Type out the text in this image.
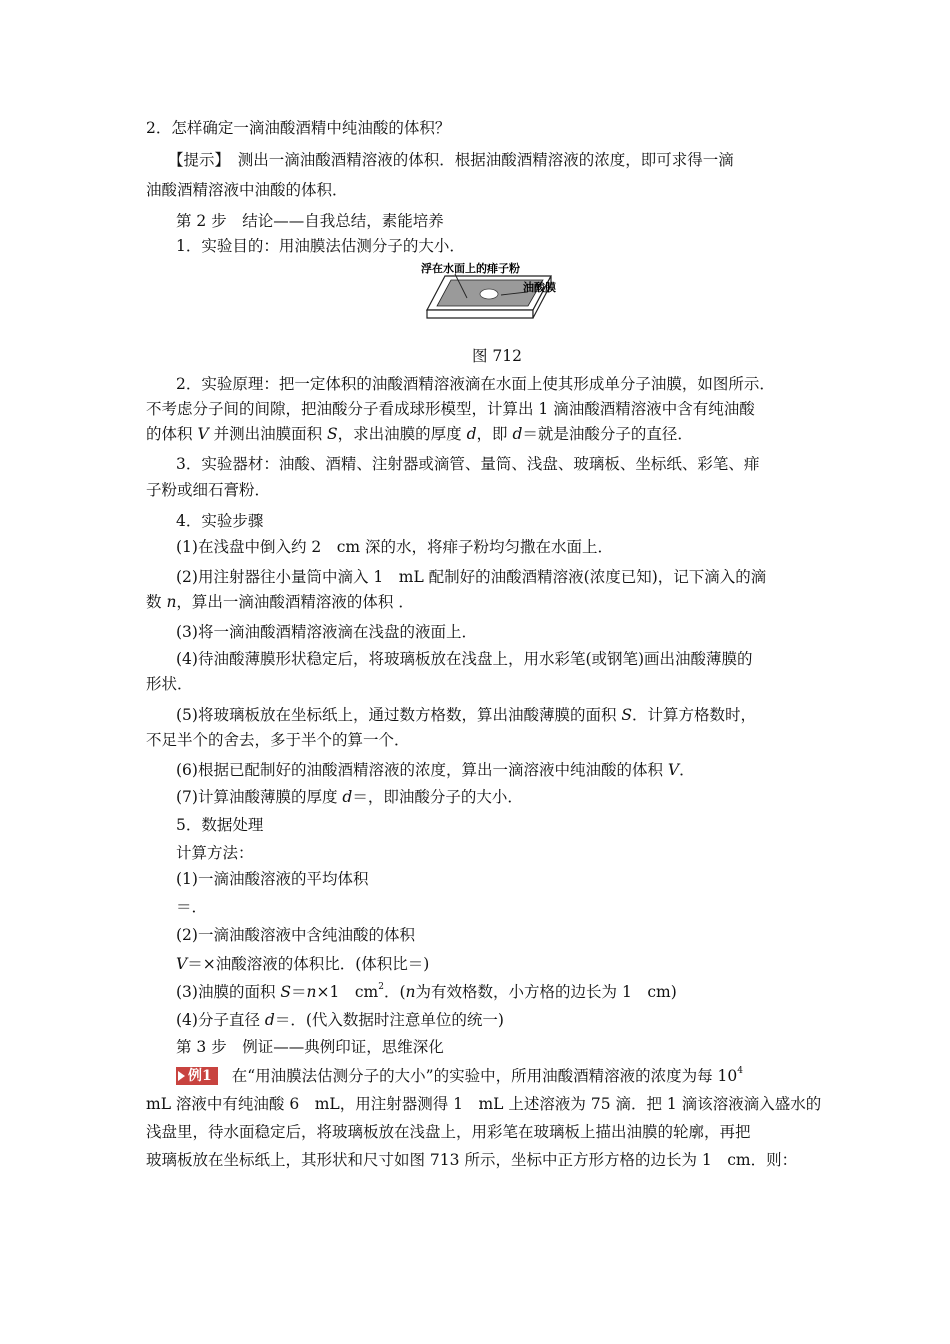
2．怎样确定一滴油酸酒精中纯油酸的体积？
【提示】　测出一滴油酸酒精溶液的体积．根据油酸酒精溶液的浓度，即可求得一滴
油酸酒精溶液中油酸的体积．
第 2 步　结论——自我总结，素能培养
1．实验目的：用油膜法估测分子的大小．
浮在水面上的痱子粉
油酸膜
图 712
2．实验原理：把一定体积的油酸酒精溶液滴在水面上使其形成单分子油膜，如图所示．
不考虑分子间的间隙，把油酸分子看成球形模型，计算出 1 滴油酸酒精溶液中含有纯油酸
的体积 V 并测出油膜面积 S，求出油膜的厚度 d，即 d＝就是油酸分子的直径．
3．实验器材：油酸、酒精、注射器或滴管、量筒、浅盘、玻璃板、坐标纸、彩笔、痱
子粉或细石膏粉．
4．实验步骤
(1)在浅盘中倒入约 2　cm 深的水，将痱子粉均匀撒在水面上．
(2)用注射器往小量筒中滴入 1　mL 配制好的油酸酒精溶液(浓度已知)，记下滴入的滴
数 n，算出一滴油酸酒精溶液的体积 ．
(3)将一滴油酸酒精溶液滴在浅盘的液面上．
(4)待油酸薄膜形状稳定后，将玻璃板放在浅盘上，用水彩笔(或钢笔)画出油酸薄膜的
形状．
(5)将玻璃板放在坐标纸上，通过数方格数，算出油酸薄膜的面积 S．计算方格数时，
不足半个的舍去，多于半个的算一个．
(6)根据已配制好的油酸酒精溶液的浓度，算出一滴溶液中纯油酸的体积 V．
(7)计算油酸薄膜的厚度 d＝，即油酸分子的大小．
5．数据处理
计算方法：
(1)一滴油酸溶液的平均体积
＝．
(2)一滴油酸溶液中含纯油酸的体积
V＝×油酸溶液的体积比．(体积比＝)
(3)油膜的面积 S＝n×1　$cm^2$．(n为有效格数，小方格的边长为 1　cm)
(4)分子直径 d＝．(代入数据时注意单位的统一)
第 3 步　例证——典例印证，思维深化
例1 在“用油膜法估测分子的大小”的实验中，所用油酸酒精溶液的浓度为每 $10^4$
mL 溶液中有纯油酸 6　mL，用注射器测得 1　mL 上述溶液为 75 滴．把 1 滴该溶液滴入盛水的
浅盘里，待水面稳定后，将玻璃板放在浅盘上，用彩笔在玻璃板上描出油膜的轮廓，再把
玻璃板放在坐标纸上，其形状和尺寸如图 713 所示，坐标中正方形方格的边长为 1　cm．则：
